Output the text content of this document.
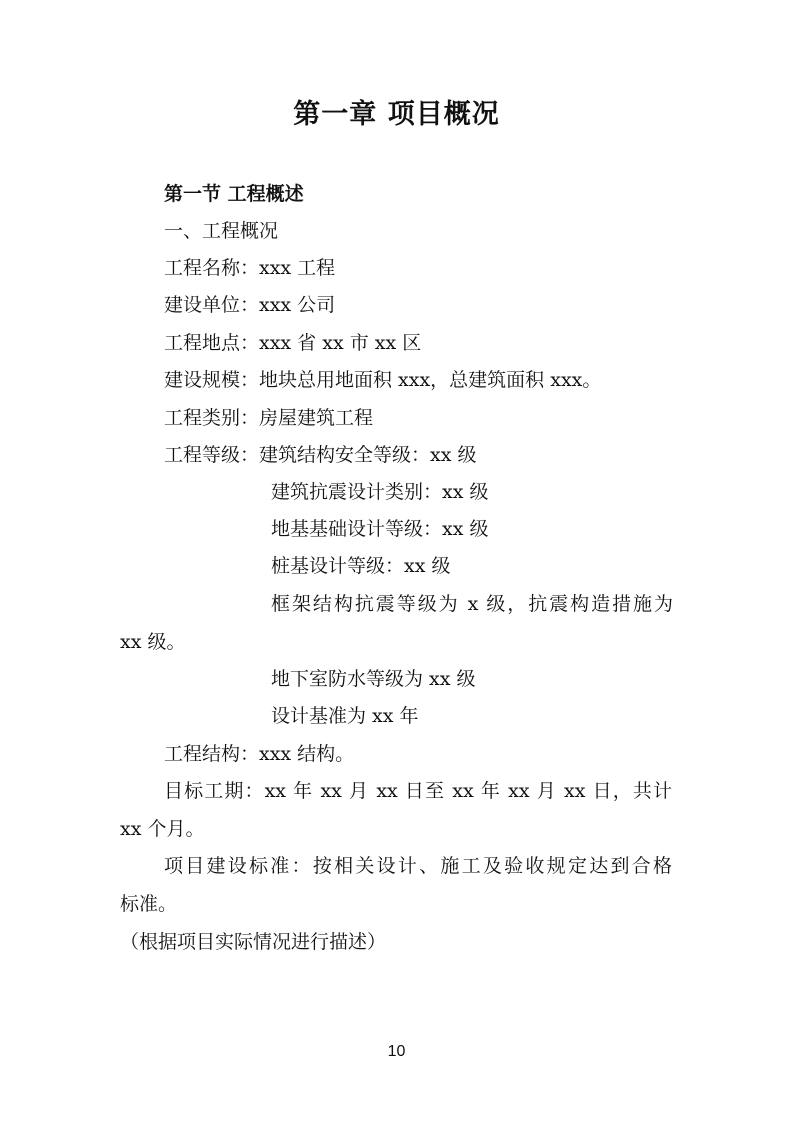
第一章 项目概况
第一节 工程概述
一、工程概况
工程名称：xxx 工程
建设单位：xxx 公司
工程地点：xxx 省 xx 市 xx 区
建设规模：地块总用地面积 xxx，总建筑面积 xxx。
工程类别：房屋建筑工程
工程等级：建筑结构安全等级：xx 级
建筑抗震设计类别：xx 级
地基基础设计等级：xx 级
桩基设计等级：xx 级
框架结构抗震等级为 x 级，抗震构造措施为
xx 级。
地下室防水等级为 xx 级
设计基准为 xx 年
工程结构：xxx 结构。
目标工期：xx 年 xx 月 xx 日至 xx 年 xx 月 xx 日，共计
xx 个月。
项目建设标准：按相关设计、施工及验收规定达到合格
标准。
（根据项目实际情况进行描述）
10
